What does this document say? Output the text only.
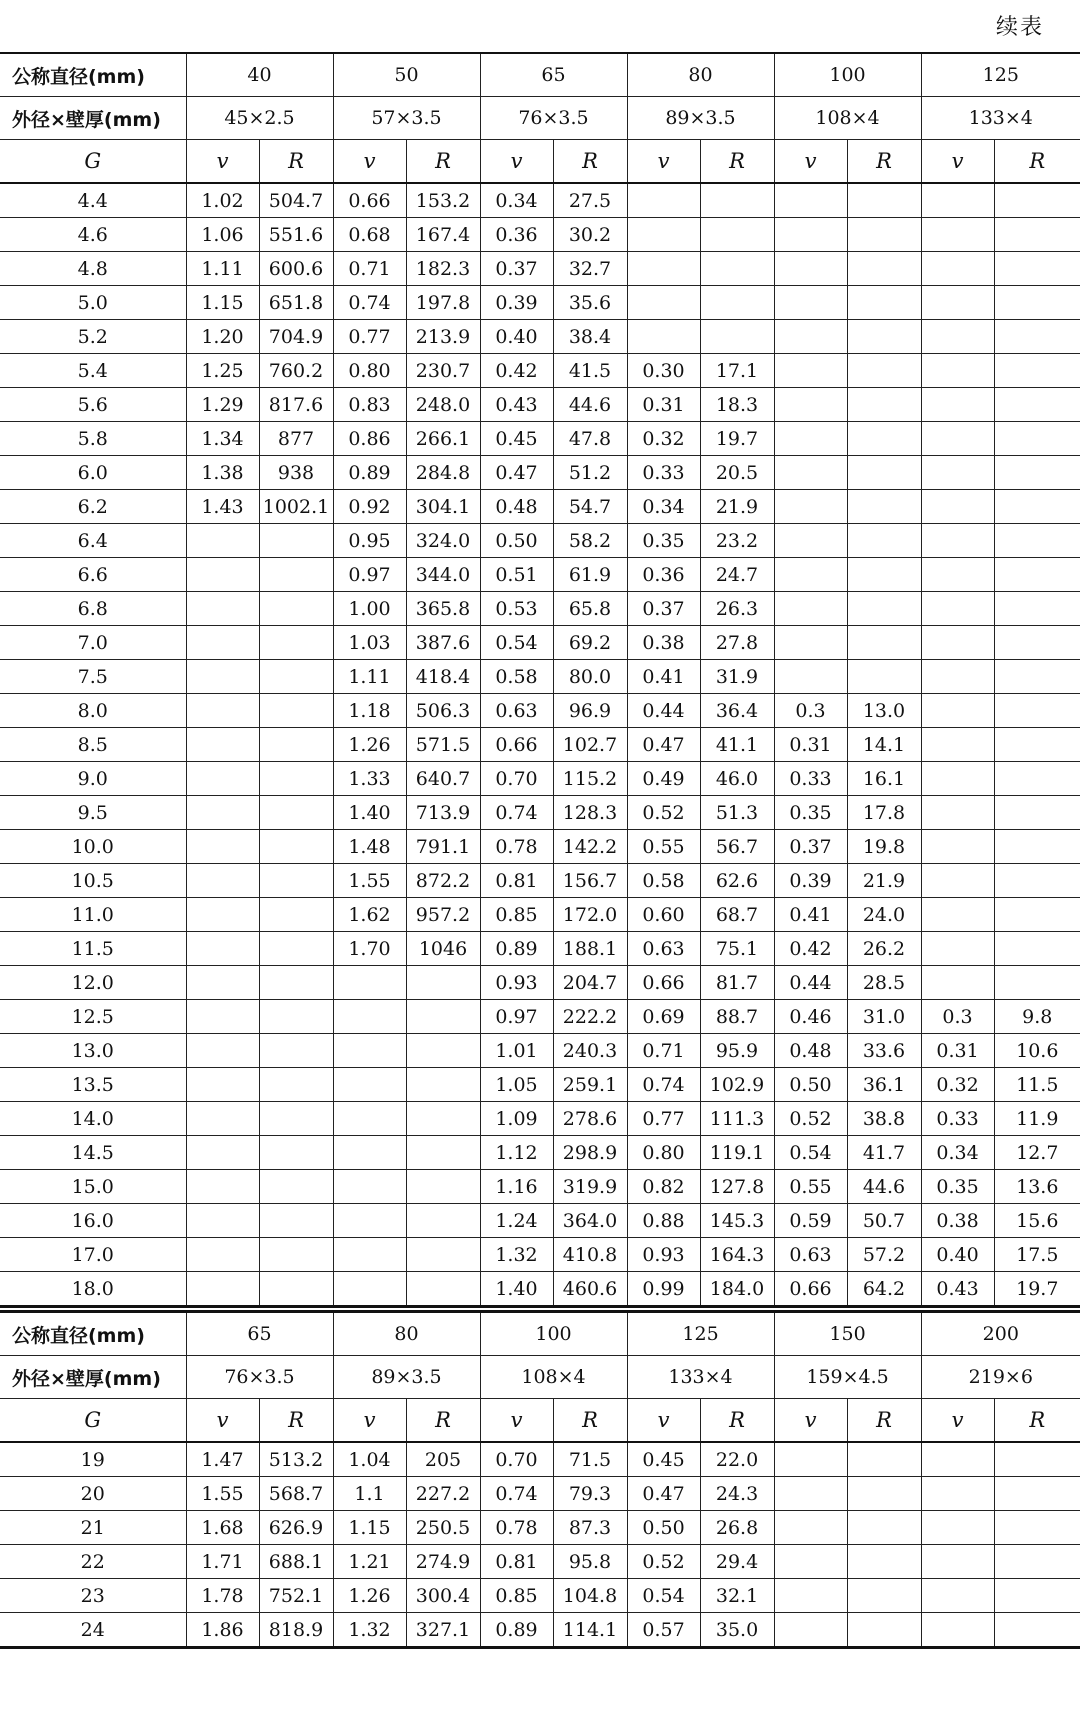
续表
公称直径(mm)	40		50		65		80		100		125	
外径×壁厚(mm)	45×2.5		57×3.5		76×3.5		89×3.5		108×4		133×4	
G	v	R	v	R	v	R	v	R	v	R	v	R
4.4	1.02	504.7	0.66	153.2	0.34	27.5						
4.6	1.06	551.6	0.68	167.4	0.36	30.2						
4.8	1.11	600.6	0.71	182.3	0.37	32.7						
5.0	1.15	651.8	0.74	197.8	0.39	35.6						
5.2	1.20	704.9	0.77	213.9	0.40	38.4						
5.4	1.25	760.2	0.80	230.7	0.42	41.5	0.30	17.1				
5.6	1.29	817.6	0.83	248.0	0.43	44.6	0.31	18.3				
5.8	1.34	877	0.86	266.1	0.45	47.8	0.32	19.7				
6.0	1.38	938	0.89	284.8	0.47	51.2	0.33	20.5				
6.2	1.43	1002.1	0.92	304.1	0.48	54.7	0.34	21.9				
6.4			0.95	324.0	0.50	58.2	0.35	23.2				
6.6			0.97	344.0	0.51	61.9	0.36	24.7				
6.8			1.00	365.8	0.53	65.8	0.37	26.3				
7.0			1.03	387.6	0.54	69.2	0.38	27.8				
7.5			1.11	418.4	0.58	80.0	0.41	31.9				
8.0			1.18	506.3	0.63	96.9	0.44	36.4	0.3	13.0		
8.5			1.26	571.5	0.66	102.7	0.47	41.1	0.31	14.1		
9.0			1.33	640.7	0.70	115.2	0.49	46.0	0.33	16.1		
9.5			1.40	713.9	0.74	128.3	0.52	51.3	0.35	17.8		
10.0			1.48	791.1	0.78	142.2	0.55	56.7	0.37	19.8		
10.5			1.55	872.2	0.81	156.7	0.58	62.6	0.39	21.9		
11.0			1.62	957.2	0.85	172.0	0.60	68.7	0.41	24.0		
11.5			1.70	1046	0.89	188.1	0.63	75.1	0.42	26.2		
12.0					0.93	204.7	0.66	81.7	0.44	28.5		
12.5					0.97	222.2	0.69	88.7	0.46	31.0	0.3	9.8
13.0					1.01	240.3	0.71	95.9	0.48	33.6	0.31	10.6
13.5					1.05	259.1	0.74	102.9	0.50	36.1	0.32	11.5
14.0					1.09	278.6	0.77	111.3	0.52	38.8	0.33	11.9
14.5					1.12	298.9	0.80	119.1	0.54	41.7	0.34	12.7
15.0					1.16	319.9	0.82	127.8	0.55	44.6	0.35	13.6
16.0					1.24	364.0	0.88	145.3	0.59	50.7	0.38	15.6
17.0					1.32	410.8	0.93	164.3	0.63	57.2	0.40	17.5
18.0					1.40	460.6	0.99	184.0	0.66	64.2	0.43	19.7
公称直径(mm)	65		80		100		125		150		200	
外径×壁厚(mm)	76×3.5		89×3.5		108×4		133×4		159×4.5		219×6	
G	v	R	v	R	v	R	v	R	v	R	v	R
19	1.47	513.2	1.04	205	0.70	71.5	0.45	22.0				
20	1.55	568.7	1.1	227.2	0.74	79.3	0.47	24.3				
21	1.68	626.9	1.15	250.5	0.78	87.3	0.50	26.8				
22	1.71	688.1	1.21	274.9	0.81	95.8	0.52	29.4				
23	1.78	752.1	1.26	300.4	0.85	104.8	0.54	32.1				
24	1.86	818.9	1.32	327.1	0.89	114.1	0.57	35.0				
